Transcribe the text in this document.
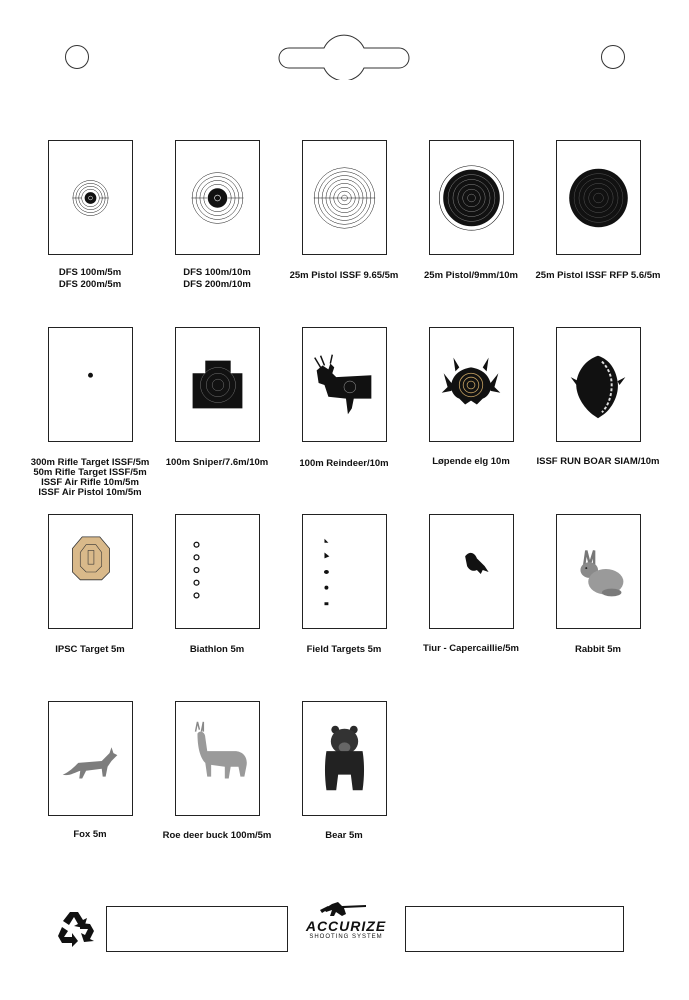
DFS 100m/5m
DFS 200m/5m
DFS 100m/10m
DFS 200m/10m
25m Pistol ISSF 9.65/5m	25m Pistol/9mm/10m	25m Pistol ISSF RFP 5.6/5m
300m Rifle Target ISSF/5m
50m Rifle Target ISSF/5m
ISSF Air Rifle 10m/5m
ISSF Air Pistol 10m/5m
100m Sniper/7.6m/10m	100m Reindeer/10m	Løpende elg 10m	ISSF RUN BOAR SIAM/10m
IPSC Target 5m	Biathlon 5m	Field Targets 5m	Tiur - Capercaillie/5m	Rabbit 5m
Fox 5m	Roe deer buck 100m/5m	Bear 5m
ACCURIZE
SHOOTING SYSTEM
